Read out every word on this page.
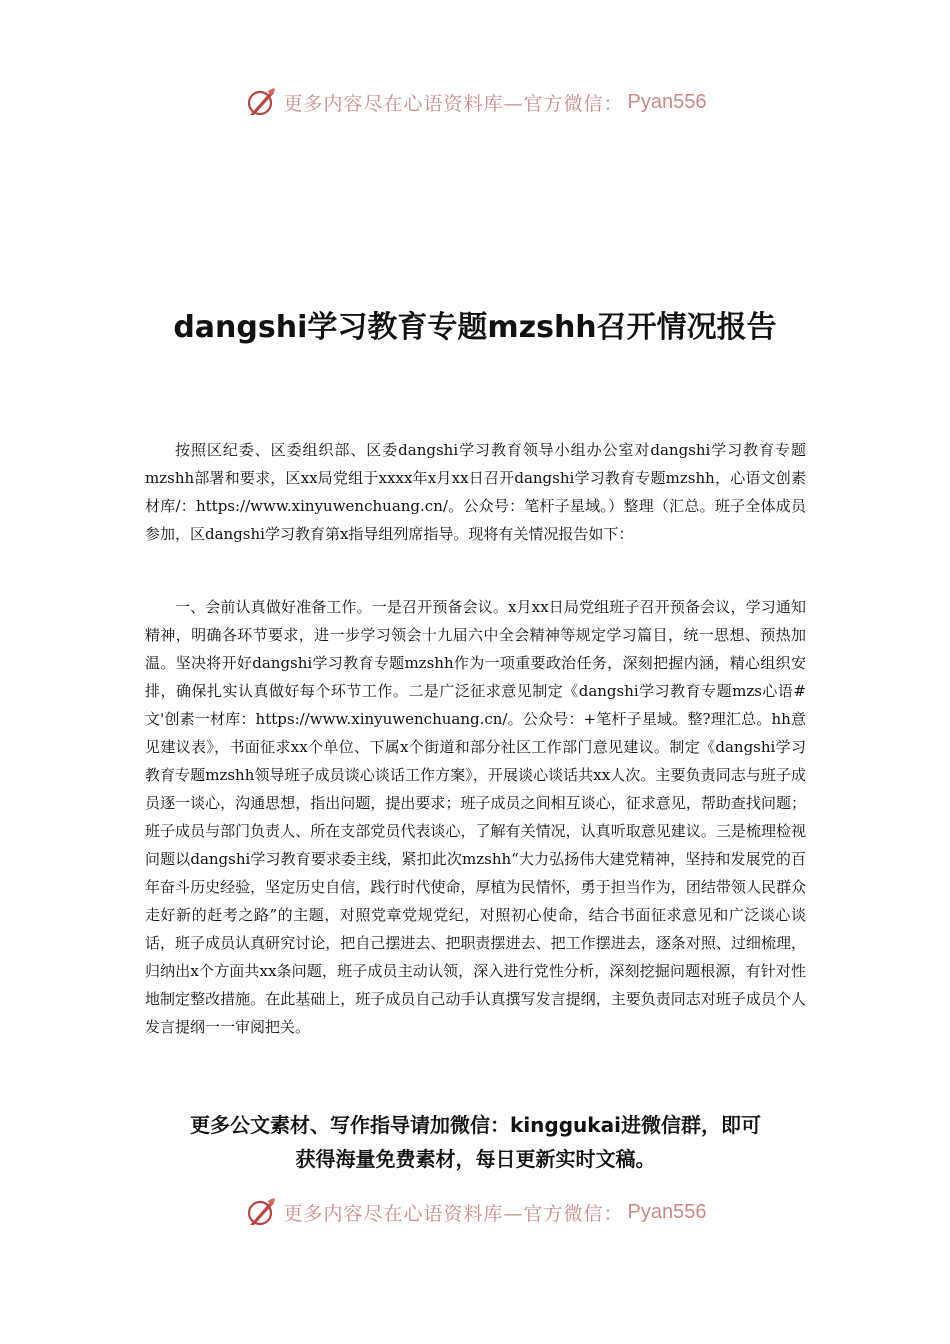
更多内容尽在心语资料库—官方微信： Pyan556
dangshi学习教育专题mzshh召开情况报告

按照区纪委、区委组织部、区委dangshi学习教育领导小组办公室对dangshi学习教育专题mzshh部署和要求，区xx局党组于xxxx年x月xx日召开dangshi学习教育专题mzshh，心语文创素材库/：https://www.xinyuwenchuang.cn/。公众号：笔杆子星域。）整理（汇总。班子全体成员参加，区dangshi学习教育第x指导组列席指导。现将有关情况报告如下：

一、会前认真做好准备工作。一是召开预备会议。x月xx日局党组班子召开预备会议，学习通知精神，明确各环节要求，进一步学习领会十九届六中全会精神等规定学习篇目，统一思想、预热加温。坚决将开好dangshi学习教育专题mzshh作为一项重要政治任务，深刻把握内涵，精心组织安排，确保扎实认真做好每个环节工作。二是广泛征求意见制定《dangshi学习教育专题mzs心语#文'创素一材库：https://www.xinyuwenchuang.cn/。公众号：+笔杆子星域。整?理汇总。hh意见建议表》，书面征求xx个单位、下属x个街道和部分社区工作部门意见建议。制定《dangshi学习教育专题mzshh领导班子成员谈心谈话工作方案》，开展谈心谈话共xx人次。主要负责同志与班子成员逐一谈心，沟通思想，指出问题，提出要求；班子成员之间相互谈心，征求意见，帮助查找问题；班子成员与部门负责人、所在支部党员代表谈心，了解有关情况，认真听取意见建议。三是梳理检视问题以dangshi学习教育要求委主线，紧扣此次mzshh“大力弘扬伟大建党精神，坚持和发展党的百年奋斗历史经验，坚定历史自信，践行时代使命，厚植为民情怀，勇于担当作为，团结带领人民群众走好新的赶考之路”的主题，对照党章党规党纪，对照初心使命，结合书面征求意见和广泛谈心谈话，班子成员认真研究讨论，把自己摆进去、把职责摆进去、把工作摆进去，逐条对照、过细梳理，归纳出x个方面共xx条问题，班子成员主动认领，深入进行党性分析，深刻挖掘问题根源，有针对性地制定整改措施。在此基础上，班子成员自己动手认真撰写发言提纲，主要负责同志对班子成员个人发言提纲一一审阅把关。

更多公文素材、写作指导请加微信：kinggukai进微信群，即可
获得海量免费素材，每日更新实时文稿。
更多内容尽在心语资料库—官方微信： Pyan556
